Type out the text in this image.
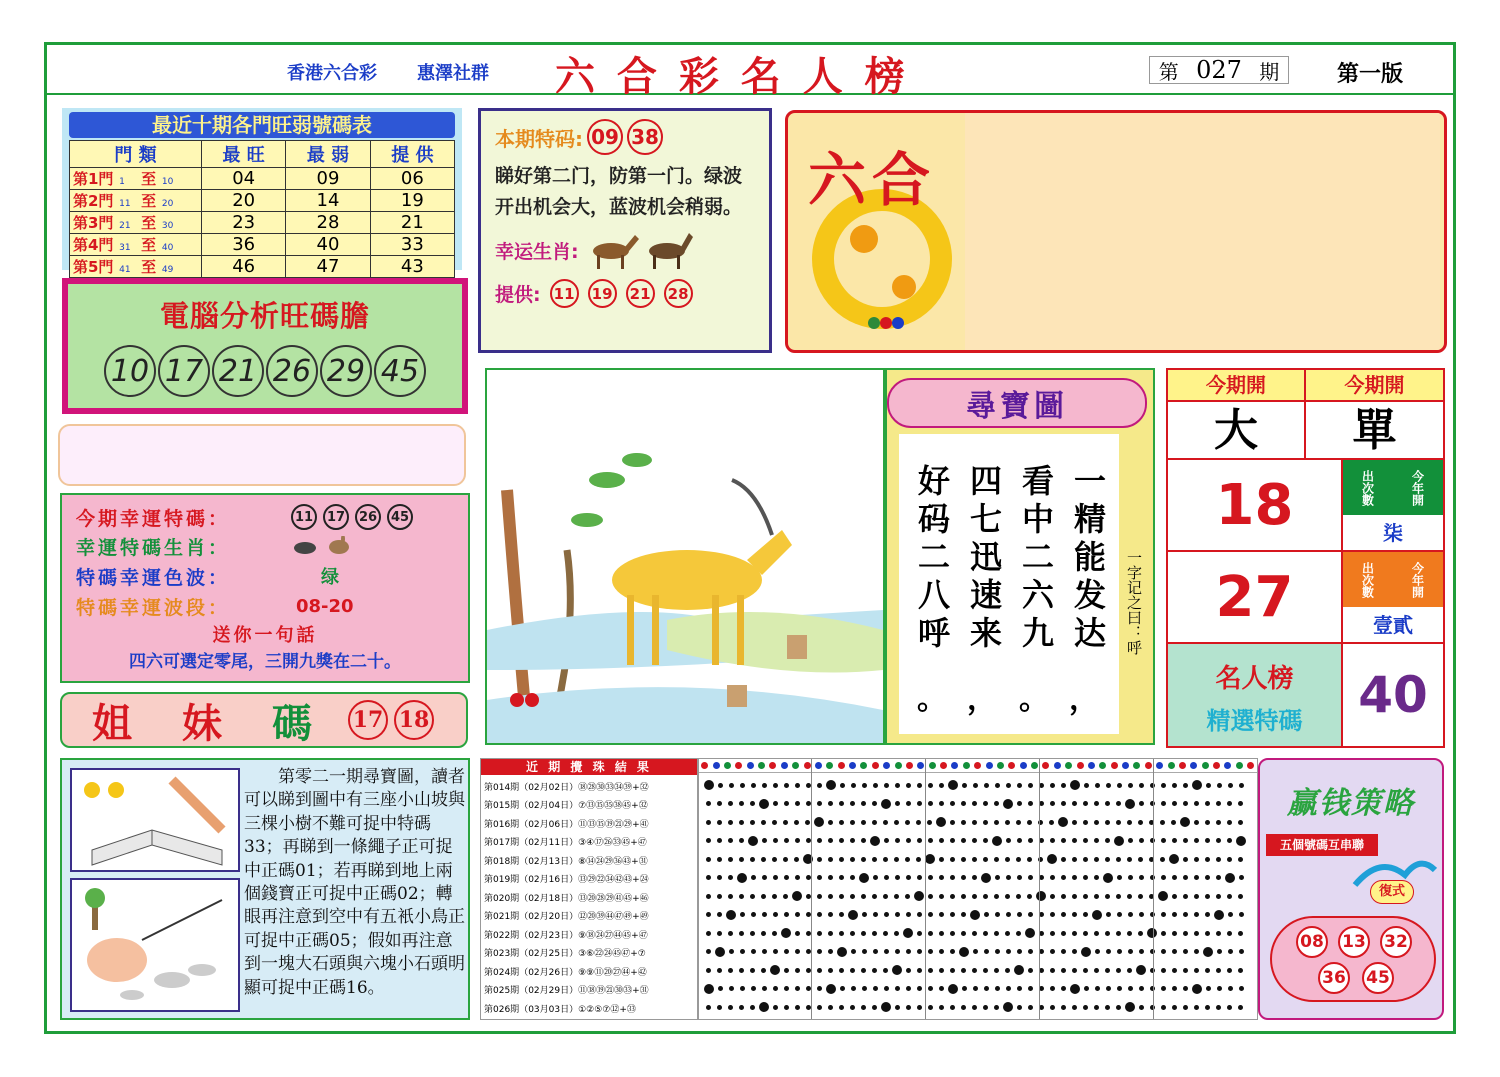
香港六合彩 惠澤社群 六 合 彩 名 人 榜	第 027 期	第一版
最近十期各門旺弱號碼表
門 類	最 旺	最 弱	提 供
第1門 1 至 10	04	09	06
第2門 11 至 20	20	14	19
第3門 21 至 30	23	28	21
第4門 31 至 40	36	40	33
第5門 41 至 49	46	47	43
本期特码: 09 38
睇好第二门，防第一门。绿波开出机会大，蓝波机会稍弱。
幸运生肖:
提供: 11 19 21 28
六合
電腦分析旺碼膽
10 17 21 26 29 45
今期幸運特碼：	11	17	26	45
幸運特碼生肖：
特碼幸運色波：	绿
特碼幸運波段：	08-20
送你一句話
四六可選定零尾，三開九獎在二十。
姐 妹 碼 17 18
尋寶圖
一精能发达
看中二六九
四七迅速来
好码二八呼
，
。
，
。
一字记之曰：呼
今期開	今期開
大	單
18	出次數	今年開
柒
27	出次數	今年開
壹貳
名人榜
精選特碼	40
第零二一期尋寶圖，讀者可以睇到圖中有三座小山坡與三棵小樹不難可捉中特碼33；再睇到一條繩子正可捉中正碼01；若再睇到地上兩個錢寶正可捉中正碼02；轉眼再注意到空中有五衹小鳥正可捉中正碼05；假如再注意到一塊大石頭與六塊小石頭明顯可捉中正碼16。
近 期 攪 珠 結 果
第014期 （02月02日） ⑱㉘㉚㉝㉞㊴+㉜
第015期 （02月04日） ⑦⑬⑮㉟㊳㊺+㉜
第016期 （02月06日） ⑪⑬⑮⑲㉑㉙+㊶
第017期 （02月11日） ③④⑰㉖㉝㊺+㊼
第018期 （02月13日） ⑧⑭㉔㉙㊱㊸+㉛
第019期 （02月16日） ⑬㉙㉒㉞㊷㊸+㉔
第020期 （02月18日） ⑬⑳㉘㉙㊶㊺+㊻
第021期 （02月20日） ⑫⑳㊴㊹㊼㊾+㊾
第022期 （02月23日） ⑨⑱㉔㉗㊹㊺+㊼
第023期 （02月25日） ③⑥㉒㉔㊺㊼+⑦
第024期 （02月26日） ⑨⑨⑪⑳㉗㊹+㊷
第025期 （02月29日） ⑪⑱⑲㉑㉚㉝+㉛
第026期 （03月03日） ①②⑤⑦⑫+㉝
赢钱策略
五個號碼互串聯
復式
08 13 32
36 45
